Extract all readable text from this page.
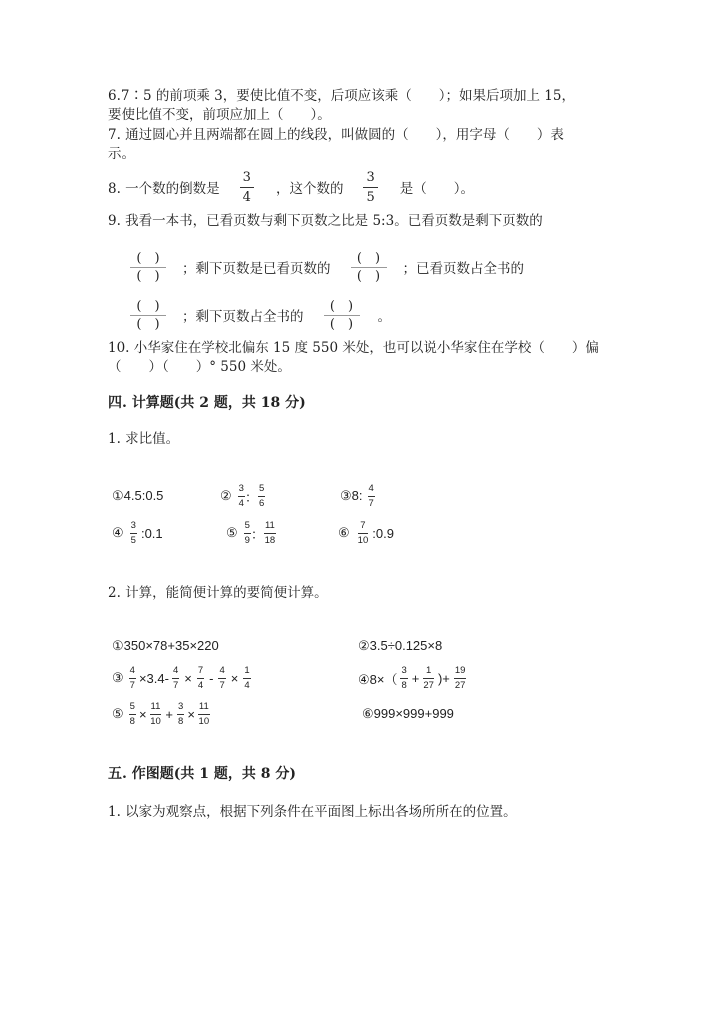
6.7∶5 的前项乘 3，要使比值不变，后项应该乘（　　）；如果后项加上 15，
要使比值不变，前项应加上（　　）。
7. 通过圆心并且两端都在圆上的线段，叫做圆的（　　），用字母（　　）表
示。
8. 一个数的倒数是 $\frac{3}{4}$ ，这个数的 $\frac{3}{5}$ 是（　　）。
9. 我看一本书，已看页数与剩下页数之比是 5:3。已看页数是剩下页数的
(　)
(　)	；剩下页数是已看页数的
(　)
(　)	；已看页数占全书的
(　)
(　)	；剩下页数占全书的
(　)
(　)	。
10. 小华家住在学校北偏东 15 度 550 米处，也可以说小华家住在学校（　　）偏
（　　）（　　）° 550 米处。
四. 计算题(共 2 题，共 18 分)
1. 求比值。
①4.5:0.5	② $\frac{3}{4}$ ： $\frac{5}{6}$	③8: $\frac{4}{7}$
④ $\frac{3}{5}$ :0.1	⑤ $\frac{5}{9}$ ： $\frac{11}{18}$	⑥ $\frac{7}{10}$ :0.9
2. 计算，能简便计算的要简便计算。
①350×78+35×220	②3.5÷0.125×8
③ $\frac{4}{7} \times 3.4- \frac{4}{7} \times \frac{7}{4} - \frac{4}{7} \times \frac{1}{4}$	④8×（ $\frac{3}{8} + \frac{1}{27}$ )+ $\frac{19}{27}$
⑤ $\frac{5}{8} \times \frac{11}{10} + \frac{3}{8} \times \frac{11}{10}$	⑥999×999+999
五. 作图题(共 1 题，共 8 分)
1. 以家为观察点，根据下列条件在平面图上标出各场所所在的位置。
